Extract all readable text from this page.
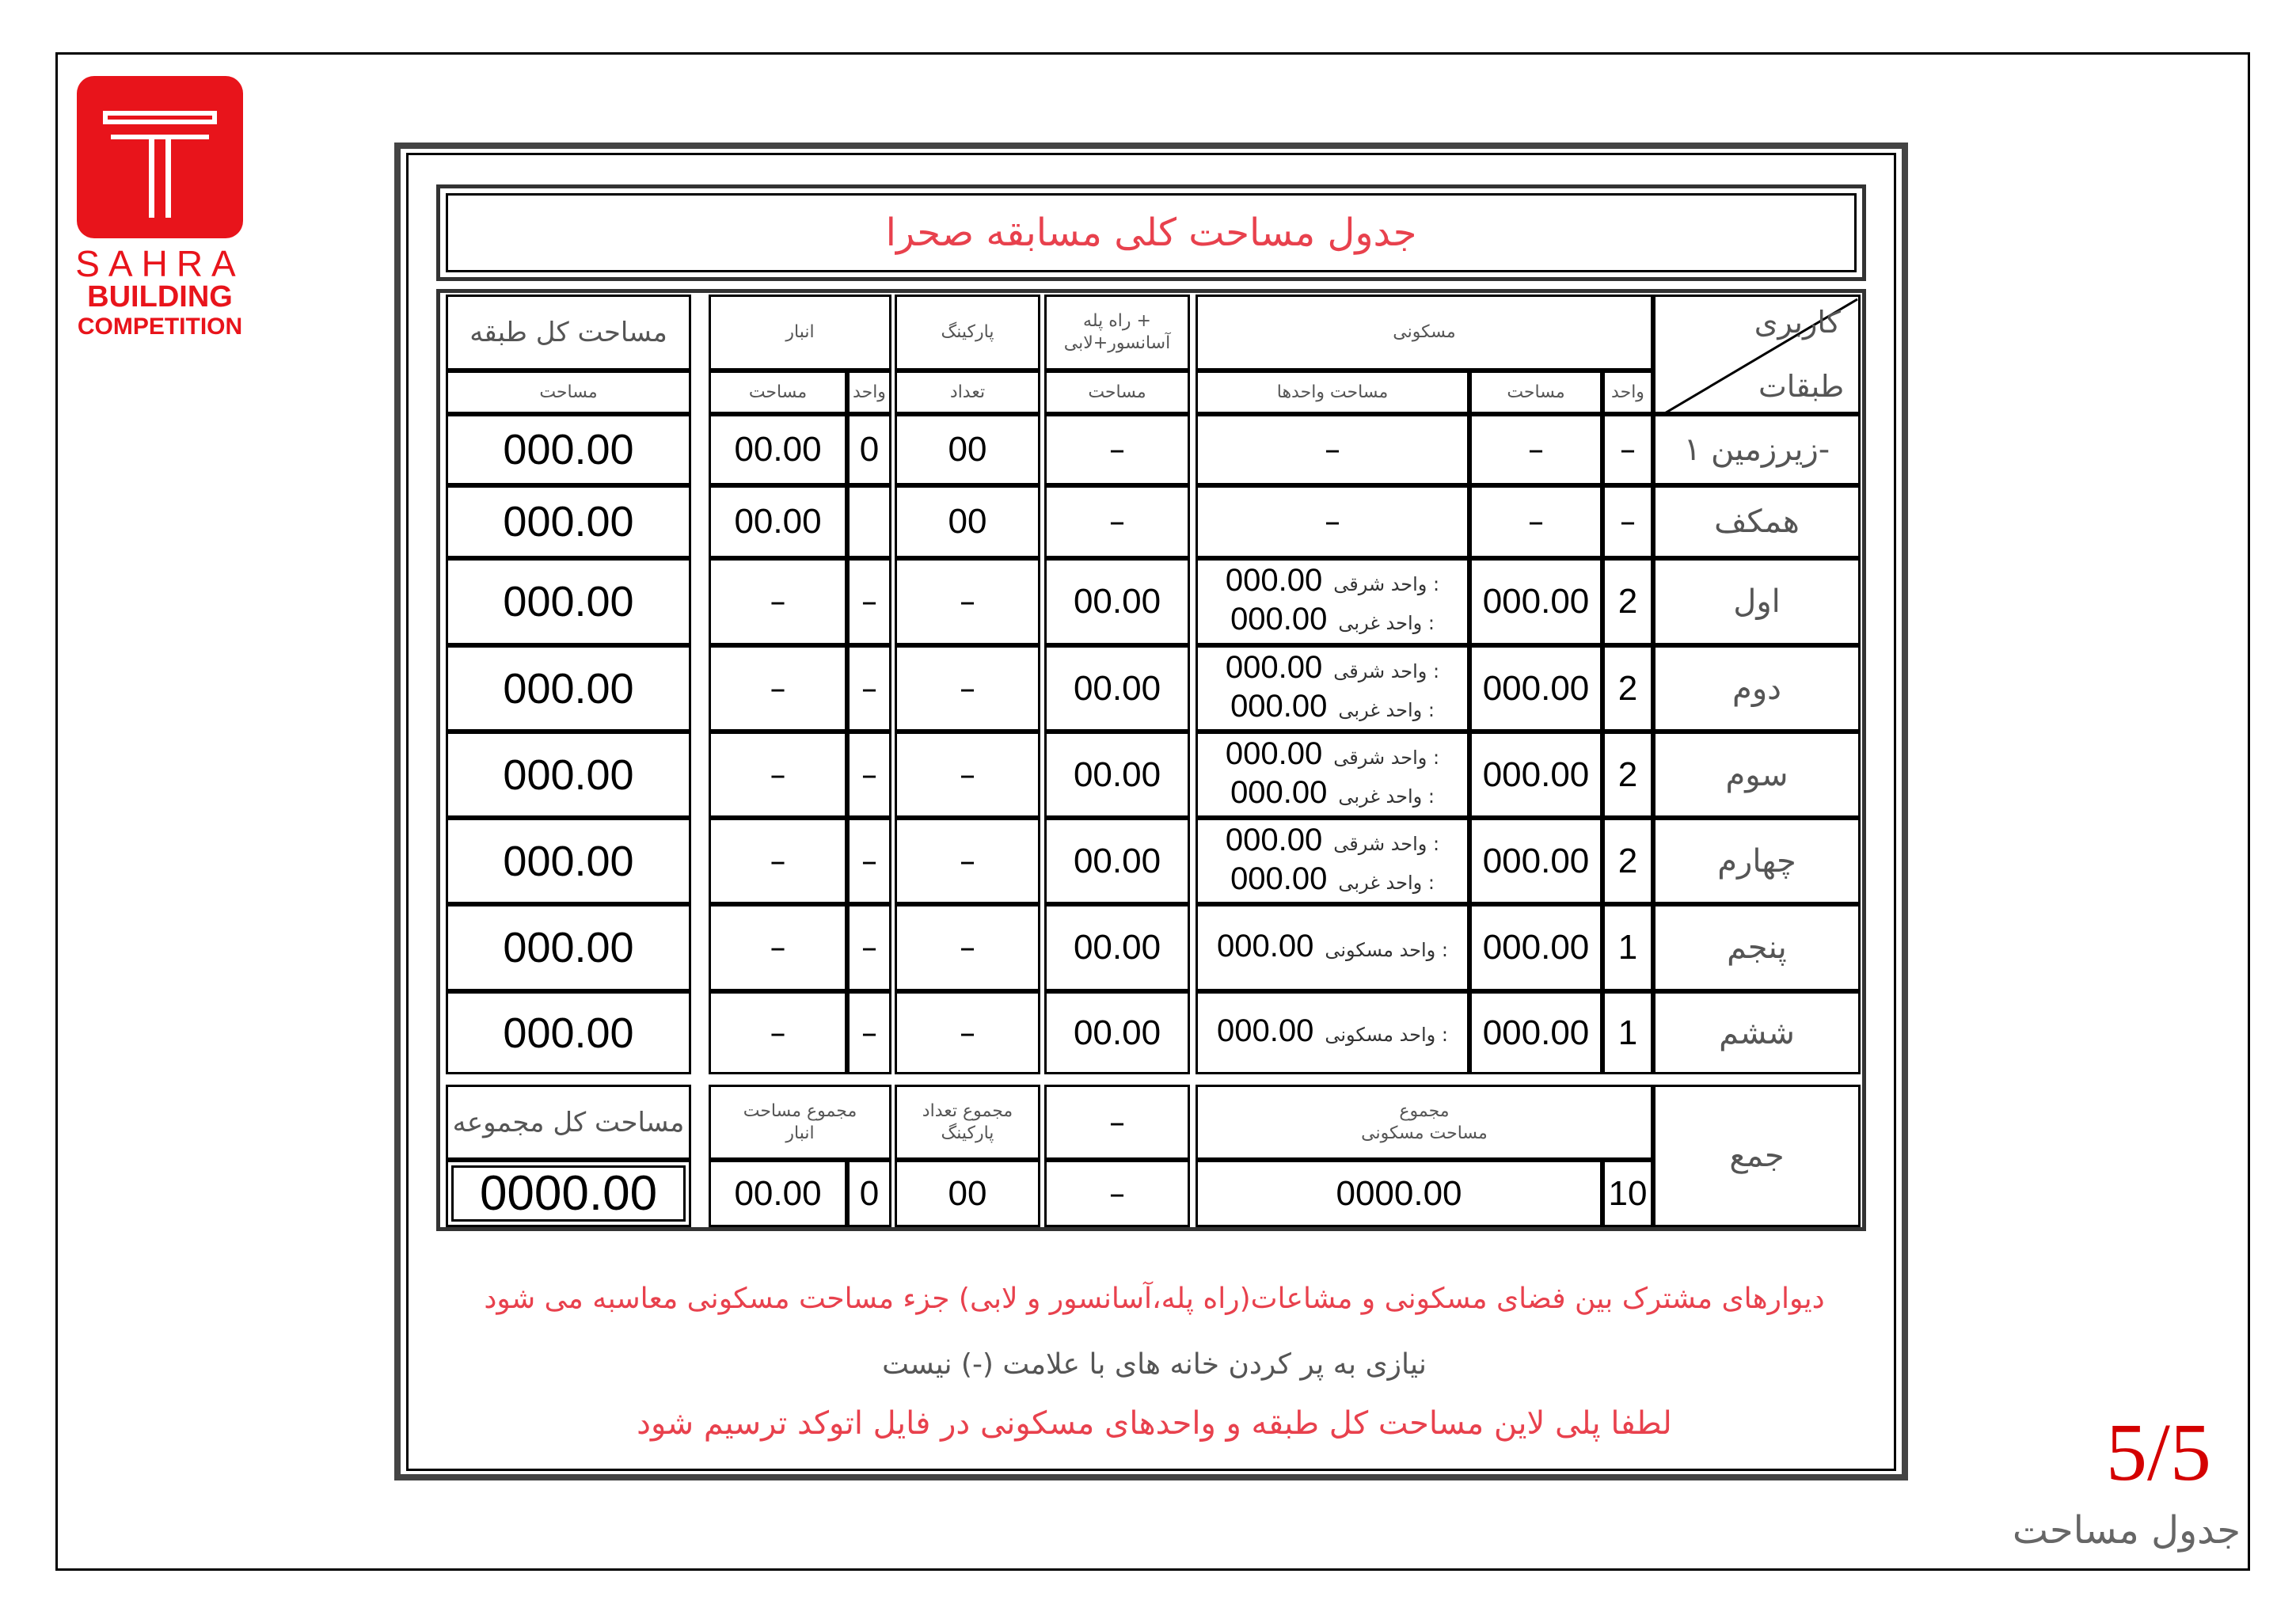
SAHRA
BUILDING
COMPETITION
جدول مساحت کلی مسابقه صحرا
کاربری
طبقات
مسکونی
راه پله +
آسانسور+لابی
پارکینگ
انبار
مساحت کل طبقه
واحد
مساحت
مساحت واحدها
مساحت
تعداد
واحد
مساحت
مساحت
زیرزمین ۱-
–
–
–
–
00
0
00.00
000.00
همکف
–
–
–
–
00
00.00
000.00
اول
2
000.00
000.00 واحد شرقی :
000.00 واحد غربی :
00.00
–
–
–
000.00
دوم
2
000.00
000.00 واحد شرقی :
000.00 واحد غربی :
00.00
–
–
–
000.00
سوم
2
000.00
000.00 واحد شرقی :
000.00 واحد غربی :
00.00
–
–
–
000.00
چهارم
2
000.00
000.00 واحد شرقی :
000.00 واحد غربی :
00.00
–
–
–
000.00
پنجم
1
000.00
000.00 واحد مسکونی :
00.00
–
–
–
000.00
ششم
1
000.00
000.00 واحد مسکونی :
00.00
–
–
–
000.00
جمع
مجموع
مساحت مسکونی
–
مجموع تعداد
پارکینگ
مجموع مساحت
انبار
مساحت کل مجموعه
10
0000.00
–
00
0
00.00
0000.00
دیوارهای مشترک بین فضای مسکونی و مشاعات(راه پله،آسانسور و لابی) جزء مساحت مسکونی معاسبه می شود
نیازی به پر کردن خانه های با علامت (-) نیست
لطفا پلی لاین مساحت کل طبقه و واحدهای مسکونی در فایل اتوکد ترسیم شود	5/5
جدول مساحت
